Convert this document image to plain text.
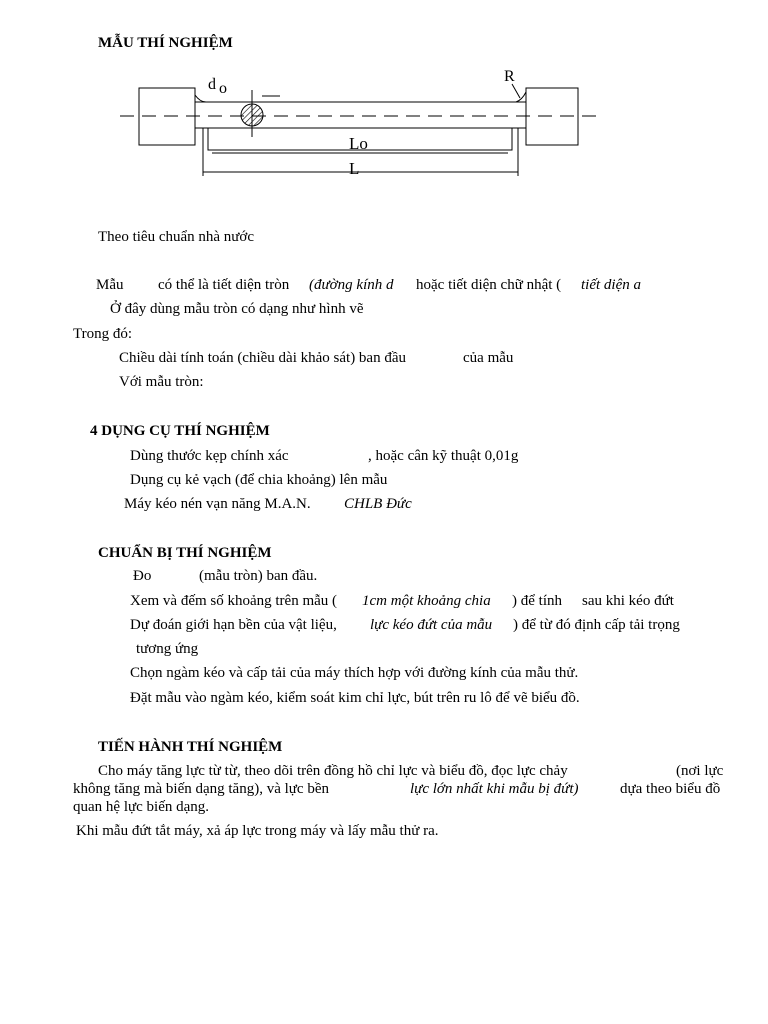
MẪU THÍ NGHIỆM
d o
R
Lo
L
Theo tiêu chuẩn nhà nước
Mẫu có thể là tiết diện tròn (đường kính d hoặc tiết diện chữ nhật ( tiết diện a
Ở đây dùng mẫu tròn có dạng như hình vẽ
Trong đó:
Chiều dài tính toán (chiều dài khảo sát) ban đầu	của mẫu
Với mẫu tròn:
4 DỤNG CỤ THÍ NGHIỆM
Dùng thước kẹp chính xác	, hoặc cân kỹ thuật 0,01g
Dụng cụ kẻ vạch (để chia khoảng) lên mẫu
Máy kéo nén vạn năng M.A.N. CHLB Đức
CHUẨN BỊ THÍ NGHIỆM
Đo	(mẫu tròn) ban đầu.
Xem và đếm số khoảng trên mẫu ( 1cm một khoảng chia ) để tính sau khi kéo đứt
Dự đoán giới hạn bền của vật liệu, lực kéo đứt của mẫu ) để từ đó định cấp tải trọng
tương ứng
Chọn ngàm kéo và cấp tải của máy thích hợp với đường kính của mẫu thử.
Đặt mẫu vào ngàm kéo, kiểm soát kim chỉ lực, bút trên ru lô để vẽ biểu đồ.
TIẾN HÀNH THÍ NGHIỆM
Cho máy tăng lực từ từ, theo dõi trên đồng hồ chỉ lực và biểu đồ, đọc lực chảy	(nơi lực
không tăng mà biến dạng tăng), và lực bền	lực lớn nhất khi mẫu bị đứt)	dựa theo biểu đồ
quan hệ lực biến dạng.
Khi mẫu đứt tắt máy, xả áp lực trong máy và lấy mẫu thử ra.
